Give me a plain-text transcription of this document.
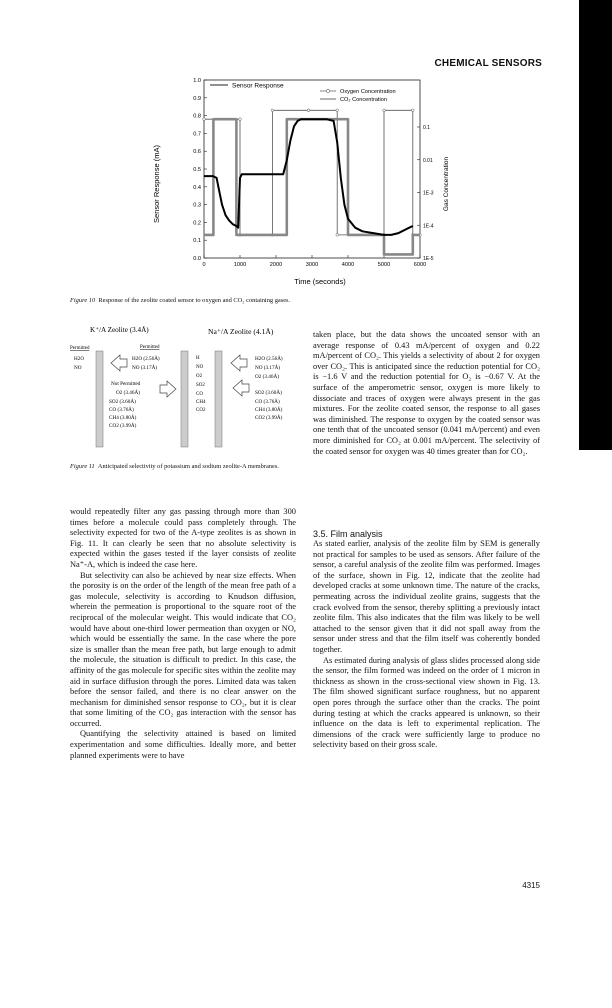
CHEMICAL SENSORS
0.0
0.1
0.2
0.3
0.4
0.5
0.6
0.7
0.8
0.9
1.0
0	1000	2000	3000	4000	5000	6000
0.1
0.01
1E-3
1E-4
1E-5
Sensor Response (mA)	Gas Concentration
Time (seconds)
Sensor Response
Oxygen Concentration
CO₂ Concentration
Figure 10 Response of the zeolite coated sensor to oxygen and CO₂ containing gases.
K⁺/A Zeolite (3.4Å)	Na⁺/A Zeolite (4.1Å)
Permitted	Permitted
H2O
NO
H2O (2.56Å)
NO (3.17Å)
Not Permitted
O2 (3.46Å)
SO2 (3.60Å)
CO (3.76Å)
CH4 (3.80Å)
CO2 (3.99Å)
H
NO
O2
SO2
CO
CH4
CO2
H2O (2.56Å)
NO (3.17Å)
O2 (3.46Å)
SO2 (3.60Å)
CO (3.76Å)
CH4 (3.80Å)
CO2 (3.99Å)
Figure 11 Anticipated selectivity of potassium and sodium zeolite-A membranes.

would repeatedly filter any gas passing through more than 300 times before a molecule could pass completely through. The selectivity expected for two of the A-type zeolites is as shown in Fig. 11. It can clearly be seen that no absolute selectivity is expected within the gases tested if the layer consists of zeolite Na⁺-A, which is indeed the case here.

But selectivity can also be achieved by near size effects. When the porosity is on the order of the length of the mean free path of a gas molecule, selectivity is according to Knudson diffusion, wherein the permeation is proportional to the square root of the reciprocal of the molecular weight. This would indicate that CO₂ would have about one-third lower permeation than oxygen or NO, which would be essentially the same. In the case where the pore size is smaller than the mean free path, but large enough to admit the molecule, the situation is difficult to predict. In this case, the affinity of the gas molecule for specific sites within the zeolite may aid in surface diffusion through the pores. Limited data was taken before the sensor failed, and there is no clear answer on the mechanism for diminished sensor response to CO₂, but it is clear that some limiting of the CO₂ gas interaction with the sensor has occurred.

Quantifying the selectivity attained is based on limited experimentation and some difficulties. Ideally more, and better planned experiments were to have

taken place, but the data shows the uncoated sensor with an average response of 0.43 mA/percent of oxygen and 0.22 mA/percent of CO₂. This yields a selectivity of about 2 for oxygen over CO₂. This is anticipated since the reduction potential for CO₂ is −1.6 V and the reduction potential for O₂ is −0.67 V. At the surface of the amperometric sensor, oxygen is more likely to dissociate and traces of oxygen were always present in the gas mixtures. For the zeolite coated sensor, the response to all gases was diminished. The response to oxygen by the coated sensor was one tenth that of the uncoated sensor (0.041 mA/percent) and even more diminished for CO₂ at 0.001 mA/percent. The selectivity of the coated sensor for oxygen was 40 times greater than for CO₂.

3.5. Film analysis

As stated earlier, analysis of the zeolite film by SEM is generally not practical for samples to be used as sensors. After failure of the sensor, a careful analysis of the zeolite film was performed. Images of the surface, shown in Fig. 12, indicate that the zeolite had developed cracks at some unknown time. The nature of the cracks, permeating across the individual zeolite grains, suggests that the crack evolved from the sensor, thereby splitting a previously intact zeolite film. This also indicates that the film was likely to be well attached to the sensor given that it did not spall away from the sensor under stress and that the film itself was coherently bonded together.

As estimated during analysis of glass slides processed along side the sensor, the film formed was indeed on the order of 1 micron in thickness as shown in the cross-sectional view shown in Fig. 13. The film showed significant surface roughness, but no apparent open pores through the surface other than the cracks. The point during testing at which the cracks appeared is unknown, so their influence on the data is left to experimental replication. The dimensions of the crack were sufficiently large to produce no selectivity based on their gross scale.

4315
